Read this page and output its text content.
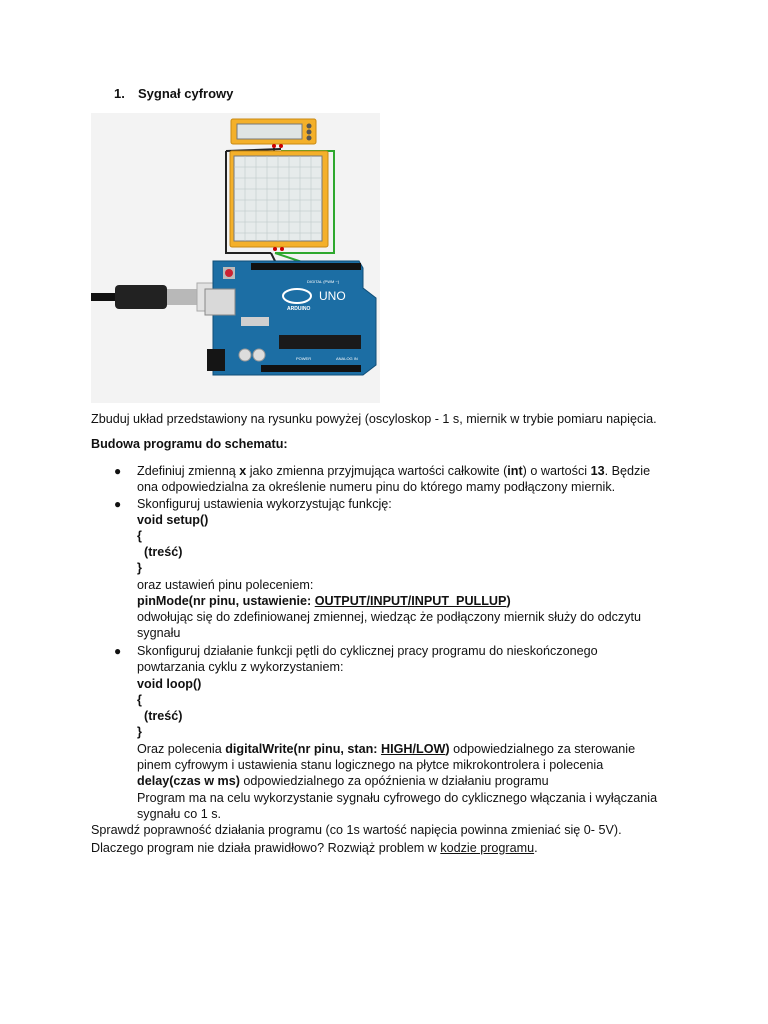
1. Sygnał cyfrowy
UNO
ARDUINO
DIGITAL (PWM ~)
POWER	ANALOG IN
Zbuduj układ przedstawiony na rysunku powyżej (oscyloskop - 1 s, miernik w trybie pomiaru napięcia.
Budowa programu do schematu:
● Zdefiniuj zmienną x jako zmienna przyjmująca wartości całkowite (int) o wartości 13. Będzie
ona odpowiedzialna za określenie numeru pinu do którego mamy podłączony miernik.
● Skonfiguruj ustawienia wykorzystując funkcję:
void setup()
{
(treść)
}
oraz ustawień pinu poleceniem:
pinMode(nr pinu, ustawienie: OUTPUT/INPUT/INPUT_PULLUP)
odwołując się do zdefiniowanej zmiennej, wiedząc że podłączony miernik służy do odczytu
sygnału
● Skonfiguruj działanie funkcji pętli do cyklicznej pracy programu do nieskończonego
powtarzania cyklu z wykorzystaniem:
void loop()
{
(treść)
}
Oraz polecenia digitalWrite(nr pinu, stan: HIGH/LOW) odpowiedzialnego za sterowanie
pinem cyfrowym i ustawienia stanu logicznego na płytce mikrokontrolera i polecenia
delay(czas w ms) odpowiedzialnego za opóźnienia w działaniu programu
Program ma na celu wykorzystanie sygnału cyfrowego do cyklicznego włączania i wyłączania
sygnału co 1 s.
Sprawdź poprawność działania programu (co 1s wartość napięcia powinna zmieniać się 0- 5V).
Dlaczego program nie działa prawidłowo? Rozwiąż problem w kodzie programu.
